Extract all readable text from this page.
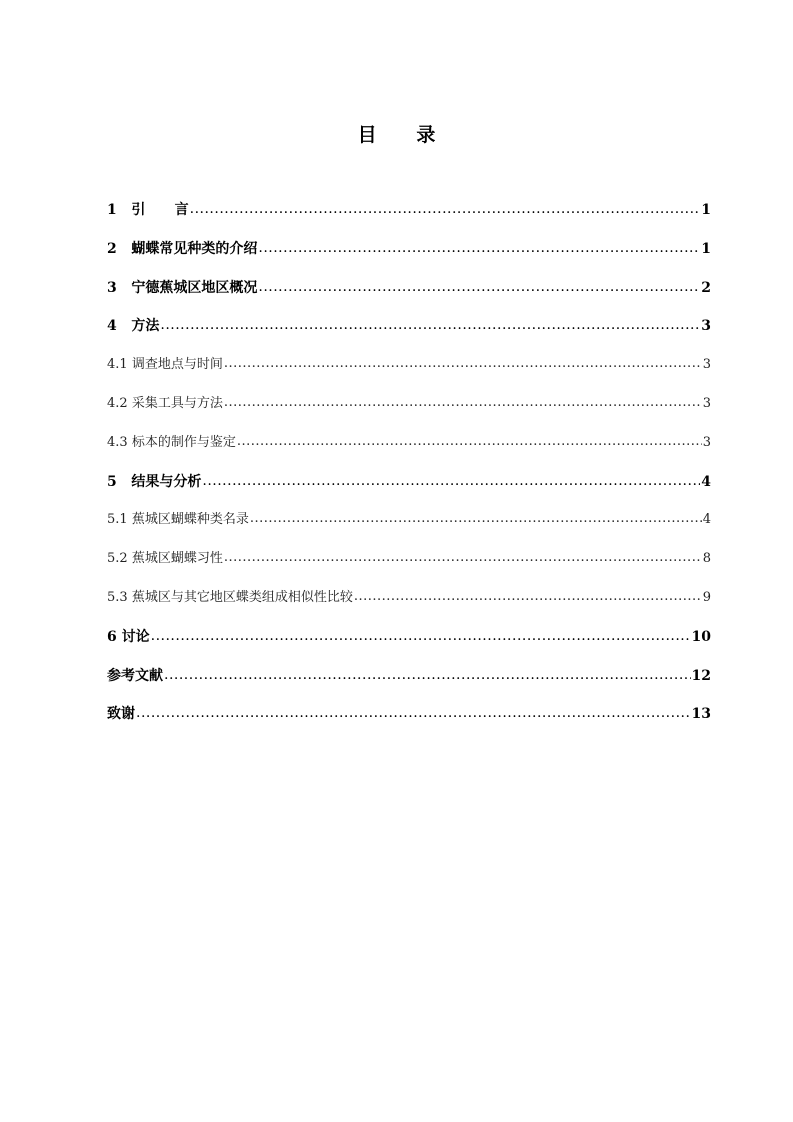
目      录
1 引      言 .....	1
2 蝴蝶常见种类的介绍 .....	1
3 宁德蕉城区地区概况 .....	2
4 方法 .....	3
4.1 调查地点与时间 .....	3
4.2 采集工具与方法 .....	3
4.3 标本的制作与鉴定 .....	3
5 结果与分析 .....	4
5.1 蕉城区蝴蝶种类名录 .....	4
5.2 蕉城区蝴蝶习性 .....	8
5.3 蕉城区与其它地区蝶类组成相似性比较 .....	9
6 讨论 .....	10
参考文献 .....	12
致谢 .....	13
